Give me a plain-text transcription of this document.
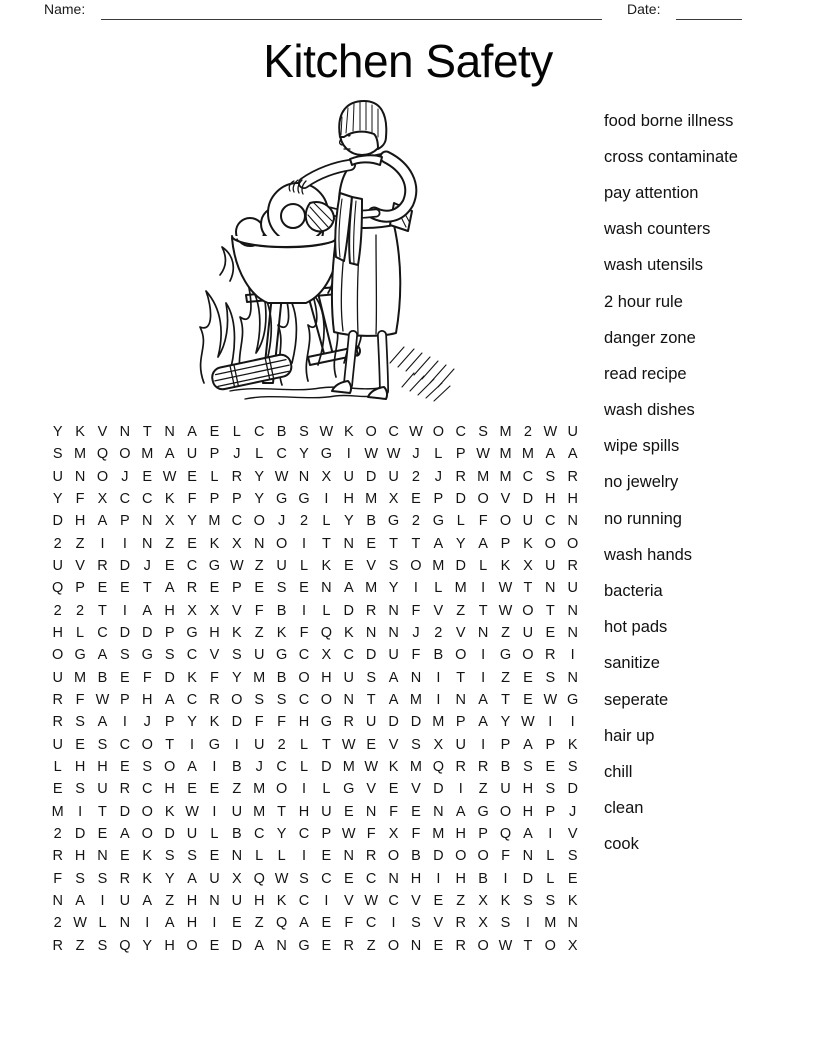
Name:	Date:
Kitchen Safety
food borne illness
cross contaminate
pay attention
wash counters
wash utensils
2 hour rule
danger zone
read recipe
wash dishes
wipe spills
no jewelry
no running
wash hands
bacteria
hot pads
sanitize
seperate
hair up
chill
clean
cook
Y K V N T N A E L C B S W K O C W O C S M 2 W U
S M Q O M A U P J	L C Y G	I W W J	L P W M M A A
U N O J E W E L R Y W N X U D U 2	J R M M C S R
Y F X C C K F P P Y G G	I	H M X E P D O V D H H
D H A P N X Y M C O J	2 L Y B G 2 G L F O U C N
2 Z	I	I	N Z E K X N O	I	T N E T T A Y A P K O O
U V R D J E C G W Z U L K E V S O M D L K X U R
Q P E E T A R E P E S E N A M Y	I	L M I W T N U
2 2 T	I	A H X X V F B	I	L D R N F V Z T W O T N
H L C D D P G H K Z K F Q K N N J	2 V N Z U E N
O G A S G S C V S U G C X C D U F B O	I	G O R	I
U M B E F D K F Y M B O H U S A N	I	T	I	Z E S N
R F W P H A C R O S S C O N T A M I	N A T E W G
R S A	I	J P Y K D F F H G R U D D M P A Y W I	I
U E S C O T	I	G	I	U 2 L T W E V S X U	I	P A P K
L H H E S O A	I	B J C L D M W K M Q R R B S E S
E S U R C H E E Z M O	I	L G V E V D	I	Z U H S D
M I	T D O K W I	U M T H U E N F E N A G O H P J
2 D E A O D U L B C Y C P W F X F M H P Q A	I	V
R H N E K S S E N L L	I	E N R O B D O O F N L S
F S S R K Y A U X Q W S C E C N H	I	H B	I	D L E
N A	I	U A Z H N U H K C	I	V W C V E Z X K S S K
2 W L N	I	A H	I	E Z Q A E F C	I	S V R X S	I M N
R Z S Q Y H O E D A N G E R Z O N E R O W T O X
